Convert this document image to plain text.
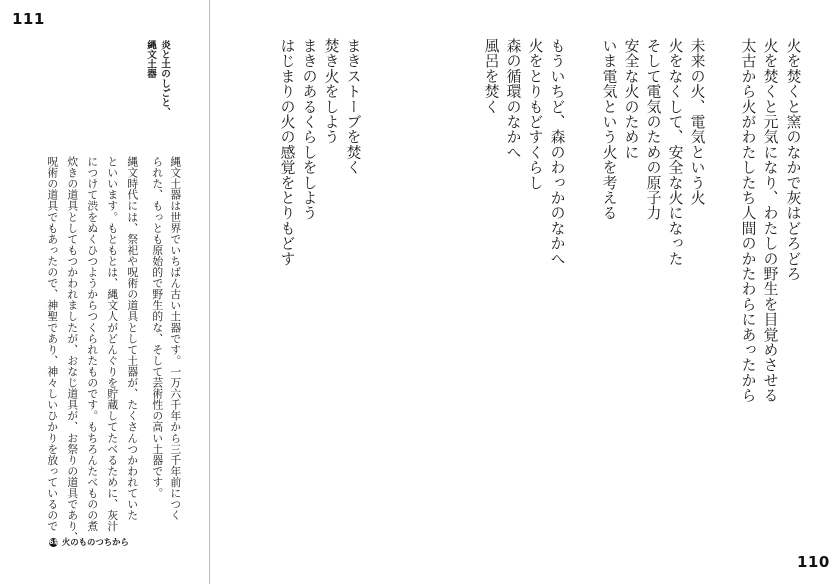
111
炎と土のしごと、
縄文土器
縄文土器は世界でいちばん古い土器です。一万六千年から三千年前につく
られた、もっとも原始的で野生的な、そして芸術性の高い土器です。
縄文時代には、祭祀や呪術の道具として土器が、たくさんつかわれていた
といいます。もともとは、縄文人がどんぐりを貯蔵してたべるために、灰汁
につけて渋をぬくひつようからつくられたものです。もちろんたべものの煮
炊きの道具としてもつかわれましたが、おなじ道具が、お祭りの道具であり、
呪術の道具でもあったので、神聖であり、神々しいひかりを放っているので
6章 火のものつちから
110
火を焚くと窯のなかで灰はどろどろ
火を焚くと元気になり、わたしの野生を目覚めさせる
太古から火がわたしたち人間のかたわらにあったから
未来の火、電気という火
火をなくして、安全な火になった
そして電気のための原子力
安全な火のために
いま電気という火を考える
もういちど、森のわっかのなかへ
火をとりもどすくらし
森の循環のなかへ
風呂を焚く
まきストーブを焚く
焚き火をしよう
まきのあるくらしをしよう
はじまりの火の感覚をとりもどす
